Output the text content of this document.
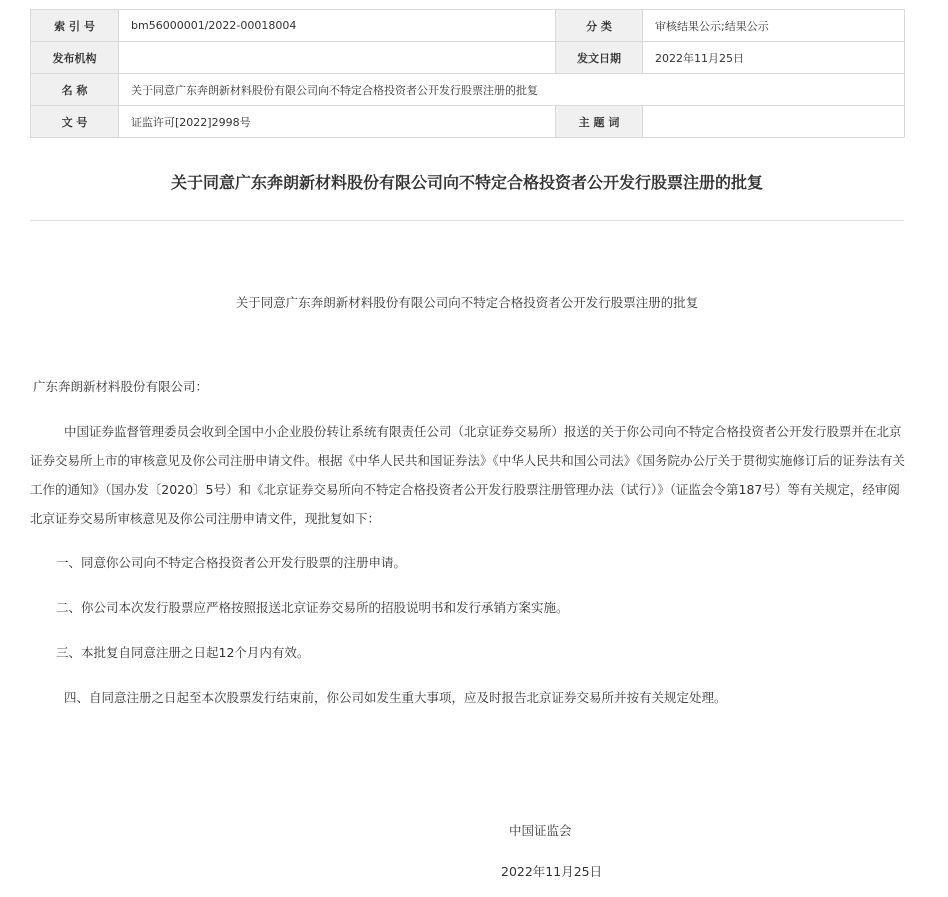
索 引 号	bm56000001/2022-00018004	分 类	审核结果公示;结果公示
发布机构		发文日期	2022年11月25日
名 称	关于同意广东奔朗新材料股份有限公司向不特定合格投资者公开发行股票注册的批复		
文 号	证监许可[2022]2998号	主 题 词	
关于同意广东奔朗新材料股份有限公司向不特定合格投资者公开发行股票注册的批复
关于同意广东奔朗新材料股份有限公司向不特定合格投资者公开发行股票注册的批复
广东奔朗新材料股份有限公司：

中国证券监督管理委员会收到全国中小企业股份转让系统有限责任公司（北京证券交易所）报送的关于你公司向不特定合格投资者公开发行股票并在北京证券交易所上市的审核意见及你公司注册申请文件。根据《中华人民共和国证券法》《中华人民共和国公司法》《国务院办公厅关于贯彻实施修订后的证券法有关工作的通知》（国办发〔2020〕5号）和《北京证券交易所向不特定合格投资者公开发行股票注册管理办法（试行）》（证监会令第187号）等有关规定，经审阅北京证券交易所审核意见及你公司注册申请文件，现批复如下：

一、同意你公司向不特定合格投资者公开发行股票的注册申请。
二、你公司本次发行股票应严格按照报送北京证券交易所的招股说明书和发行承销方案实施。
三、本批复自同意注册之日起12个月内有效。
四、自同意注册之日起至本次股票发行结束前，你公司如发生重大事项，应及时报告北京证券交易所并按有关规定处理。
中国证监会
2022年11月25日
